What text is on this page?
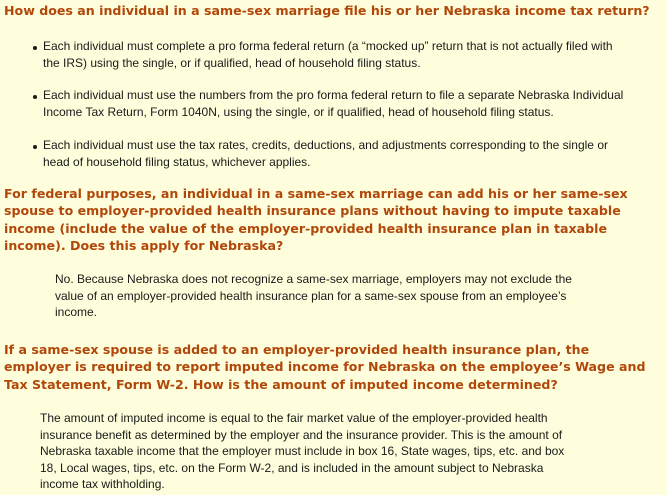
How does an individual in a same-sex marriage file his or her Nebraska income tax return?

Each individual must complete a pro forma federal return (a “mocked up” return that is not actually filed with
the IRS) using the single, or if qualified, head of household filing status.

Each individual must use the numbers from the pro forma federal return to file a separate Nebraska Individual
Income Tax Return, Form 1040N, using the single, or if qualified, head of household filing status.

Each individual must use the tax rates, credits, deductions, and adjustments corresponding to the single or
head of household filing status, whichever applies.

For federal purposes, an individual in a same-sex marriage can add his or her same-sex
spouse to employer-provided health insurance plans without having to impute taxable
income (include the value of the employer-provided health insurance plan in taxable
income). Does this apply for Nebraska?

No. Because Nebraska does not recognize a same-sex marriage, employers may not exclude the
value of an employer-provided health insurance plan for a same-sex spouse from an employee’s
income.

If a same-sex spouse is added to an employer-provided health insurance plan, the
employer is required to report imputed income for Nebraska on the employee’s Wage and
Tax Statement, Form W-2. How is the amount of imputed income determined?

The amount of imputed income is equal to the fair market value of the employer-provided health
insurance benefit as determined by the employer and the insurance provider. This is the amount of
Nebraska taxable income that the employer must include in box 16, State wages, tips, etc. and box
18, Local wages, tips, etc. on the Form W-2, and is included in the amount subject to Nebraska
income tax withholding.
